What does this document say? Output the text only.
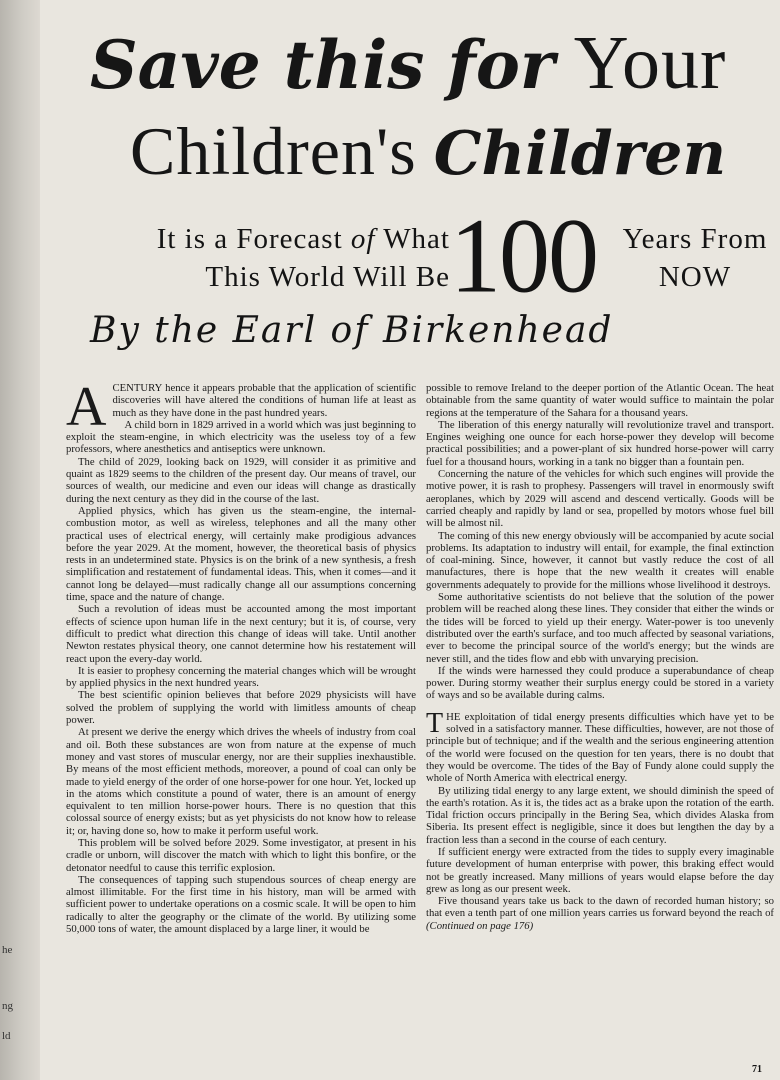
he
ng
ld
Save this for Your
Children's Children
It is a Forecast of What
This World Will Be 100 Years From
NOW
By the Earl of Birkenhead
A CENTURY hence it appears probable that the application of scientific discoveries will have altered the conditions of human life at least as much as they have done in the past hundred years.

A child born in 1829 arrived in a world which was just beginning to exploit the steam-engine, in which electricity was the useless toy of a few professors, where anesthetics and antiseptics were unknown.

The child of 2029, looking back on 1929, will consider it as primitive and quaint as 1829 seems to the children of the present day. Our means of travel, our sources of wealth, our medicine and even our ideas will change as drastically during the next century as they did in the course of the last.

Applied physics, which has given us the steam-engine, the internal-combustion motor, as well as wireless, telephones and all the many other practical uses of electrical energy, will certainly make prodigious advances before the year 2029. At the moment, however, the theoretical basis of physics rests in an undetermined state. Physics is on the brink of a new synthesis, a fresh simplification and restatement of fundamental ideas. This, when it comes—and it cannot long be delayed—must radically change all our assumptions concerning time, space and the nature of change.

Such a revolution of ideas must be accounted among the most important effects of science upon human life in the next century; but it is, of course, very difficult to predict what direction this change of ideas will take. Until another Newton restates physical theory, one cannot determine how his restatement will react upon the every-day world.

It is easier to prophesy concerning the material changes which will be wrought by applied physics in the next hundred years.

The best scientific opinion believes that before 2029 physicists will have solved the problem of supplying the world with limitless amounts of cheap power.

At present we derive the energy which drives the wheels of industry from coal and oil. Both these substances are won from nature at the expense of much money and vast stores of muscular energy, nor are their supplies inexhaustible. By means of the most efficient methods, moreover, a pound of coal can only be made to yield energy of the order of one horse-power for one hour. Yet, locked up in the atoms which constitute a pound of water, there is an amount of energy equivalent to ten million horse-power hours. There is no question that this colossal source of energy exists; but as yet physicists do not know how to release it; or, having done so, how to make it perform useful work.

This problem will be solved before 2029. Some investigator, at present in his cradle or unborn, will discover the match with which to light this bonfire, or the detonator needful to cause this terrific explosion.

The consequences of tapping such stupendous sources of cheap energy are almost illimitable. For the first time in his history, man will be armed with sufficient power to undertake operations on a cosmic scale. It will be open to him radically to alter the geography or the climate of the world. By utilizing some 50,000 tons of water, the amount displaced by a large liner, it would be

possible to remove Ireland to the deeper portion of the Atlantic Ocean. The heat obtainable from the same quantity of water would suffice to maintain the polar regions at the temperature of the Sahara for a thousand years.

The liberation of this energy naturally will revolutionize travel and transport. Engines weighing one ounce for each horse-power they develop will become practical possibilities; and a power-plant of six hundred horse-power will carry fuel for a thousand hours, working in a tank no bigger than a fountain pen.

Concerning the nature of the vehicles for which such engines will provide the motive power, it is rash to prophesy. Passengers will travel in enormously swift aeroplanes, which by 2029 will ascend and descend vertically. Goods will be carried cheaply and rapidly by land or sea, propelled by motors whose fuel bill will be almost nil.

The coming of this new energy obviously will be accompanied by acute social problems. Its adaptation to industry will entail, for example, the final extinction of coal-mining. Since, however, it cannot but vastly reduce the cost of all manufactures, there is hope that the new wealth it creates will enable governments adequately to provide for the millions whose livelihood it destroys.

Some authoritative scientists do not believe that the solution of the power problem will be reached along these lines. They consider that either the winds or the tides will be forced to yield up their energy. Water-power is too unevenly distributed over the earth's surface, and too much affected by seasonal variations, ever to become the principal source of the world's energy; but the winds are never still, and the tides flow and ebb with unvarying precision.

If the winds were harnessed they could produce a superabundance of cheap power. During stormy weather their surplus energy could be stored in a variety of ways and so be available during calms.

T HE exploitation of tidal energy presents difficulties which have yet to be solved in a satisfactory manner. These difficulties, however, are not those of principle but of technique; and if the wealth and the serious engineering attention of the world were focused on the question for ten years, there is no doubt that they would be overcome. The tides of the Bay of Fundy alone could supply the whole of North America with electrical energy.

By utilizing tidal energy to any large extent, we should diminish the speed of the earth's rotation. As it is, the tides act as a brake upon the rotation of the earth. Tidal friction occurs principally in the Bering Sea, which divides Alaska from Siberia. Its present effect is negligible, since it does but lengthen the day by a fraction less than a second in the course of each century.

If sufficient energy were extracted from the tides to supply every imaginable future development of human enterprise with power, this braking effect would not be greatly increased. Many millions of years would elapse before the day grew as long as our present week.

Five thousand years take us back to the dawn of recorded human history; so that even a tenth part of one million years carries us forward beyond the reach of (Continued on page 176)

71
